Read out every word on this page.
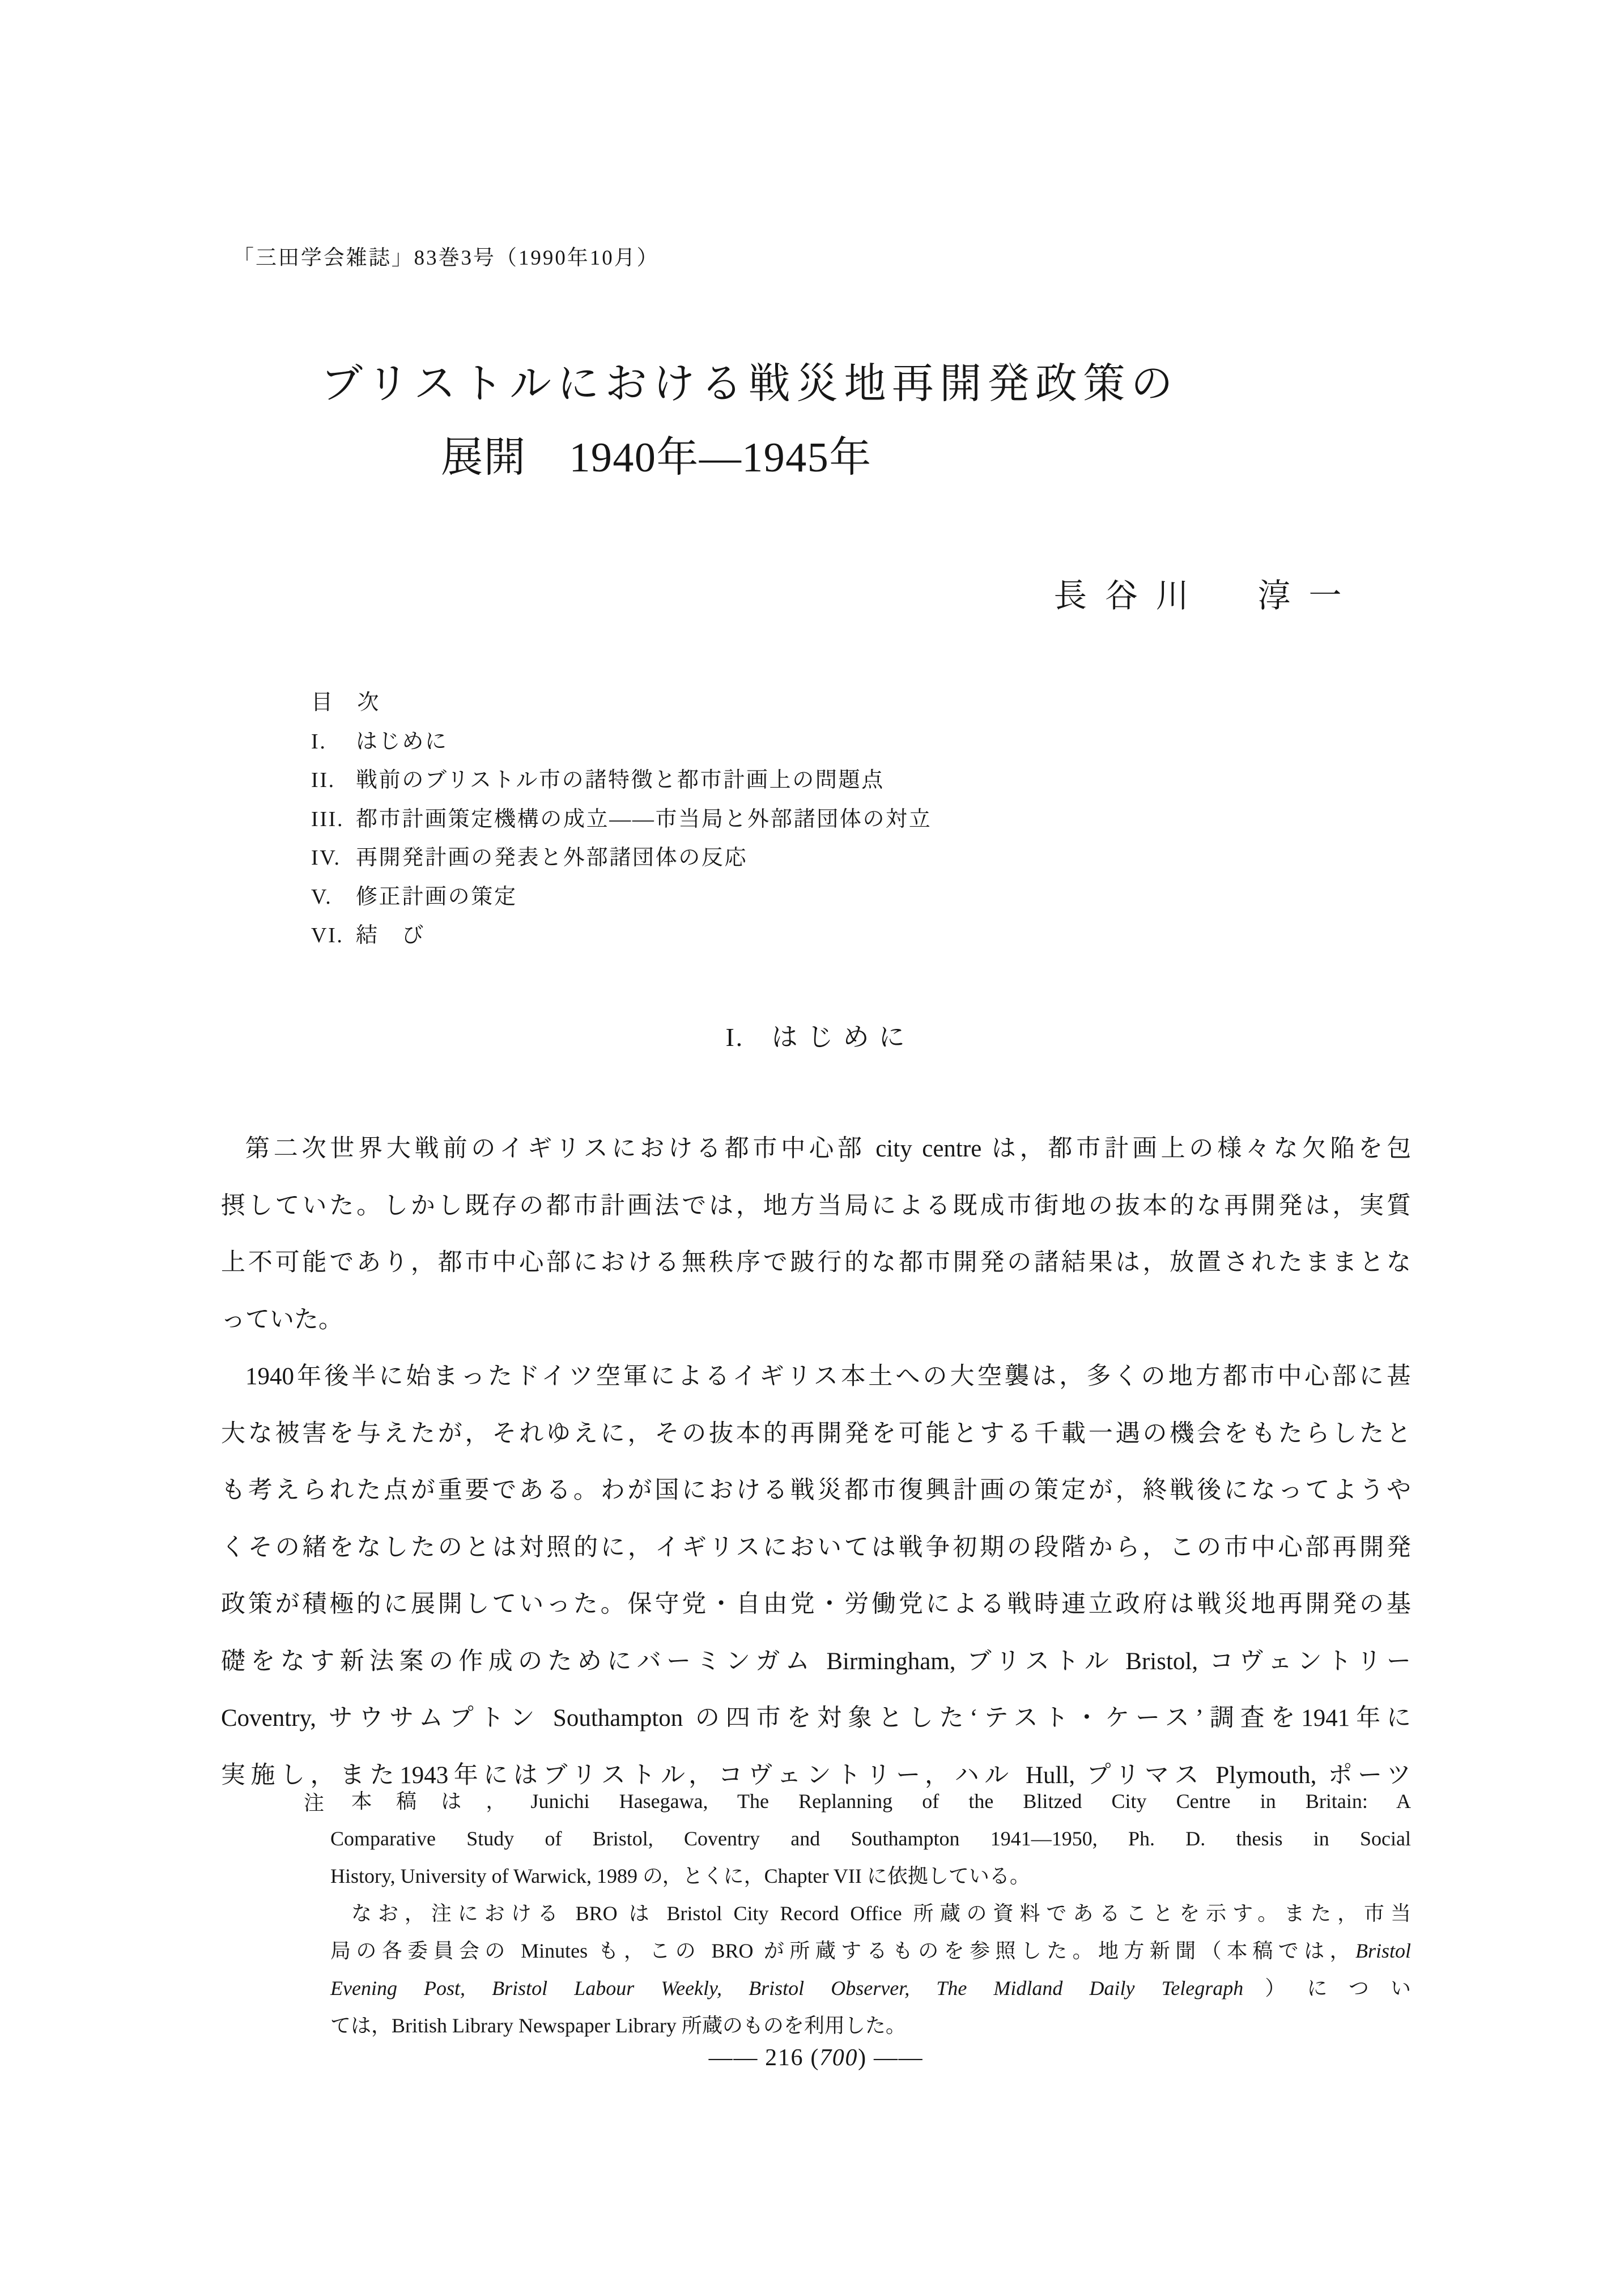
「三田学会雑誌」83巻3号（1990年10月）
ブリストルにおける戦災地再開発政策の
展開　1940年—1945年
長谷川　淳一
目　次
I. はじめに
II. 戦前のブリストル市の諸特徴と都市計画上の問題点
III. 都市計画策定機構の成立——市当局と外部諸団体の対立
IV. 再開発計画の発表と外部諸団体の反応
V. 修正計画の策定
VI. 結　び
I.　は じ め に
第二次世界大戦前のイギリスにおける都市中心部 city centre は，都市計画上の様々な欠陥を包
摂していた。しかし既存の都市計画法では，地方当局による既成市街地の抜本的な再開発は，実質
上不可能であり，都市中心部における無秩序で跛行的な都市開発の諸結果は，放置されたままとな
っていた。
1940年後半に始まったドイツ空軍によるイギリス本土への大空襲は，多くの地方都市中心部に甚
大な被害を与えたが，それゆえに，その抜本的再開発を可能とする千載一遇の機会をもたらしたと
も考えられた点が重要である。わが国における戦災都市復興計画の策定が，終戦後になってようや
くその緒をなしたのとは対照的に，イギリスにおいては戦争初期の段階から，この市中心部再開発
政策が積極的に展開していった。保守党・自由党・労働党による戦時連立政府は戦災地再開発の基
礎をなす新法案の作成のためにバーミンガム Birmingham, ブリストル Bristol, コヴェントリー
Coventry, サウサムプトン Southampton の四市を対象とした‘テスト・ケース’調査を1941年に
実施し，また1943年にはブリストル，コヴェントリー，ハル Hull, プリマス Plymouth, ポーツ
注	本稿は，Junichi Hasegawa, The Replanning of the Blitzed City Centre in Britain: A
Comparative Study of Bristol, Coventry and Southampton 1941—1950, Ph. D. thesis in Social
History, University of Warwick, 1989 の，とくに，Chapter VII に依拠している。
なお，注における BRO は Bristol City Record Office 所蔵の資料であることを示す。また，市当
局の各委員会の Minutes も，この BRO が所蔵するものを参照した。地方新聞（本稿では，Bristol
Evening Post, Bristol Labour Weekly, Bristol Observer, The Midland Daily Telegraph）につい
ては，British Library Newspaper Library 所蔵のものを利用した。
—— 216 (700) ——
